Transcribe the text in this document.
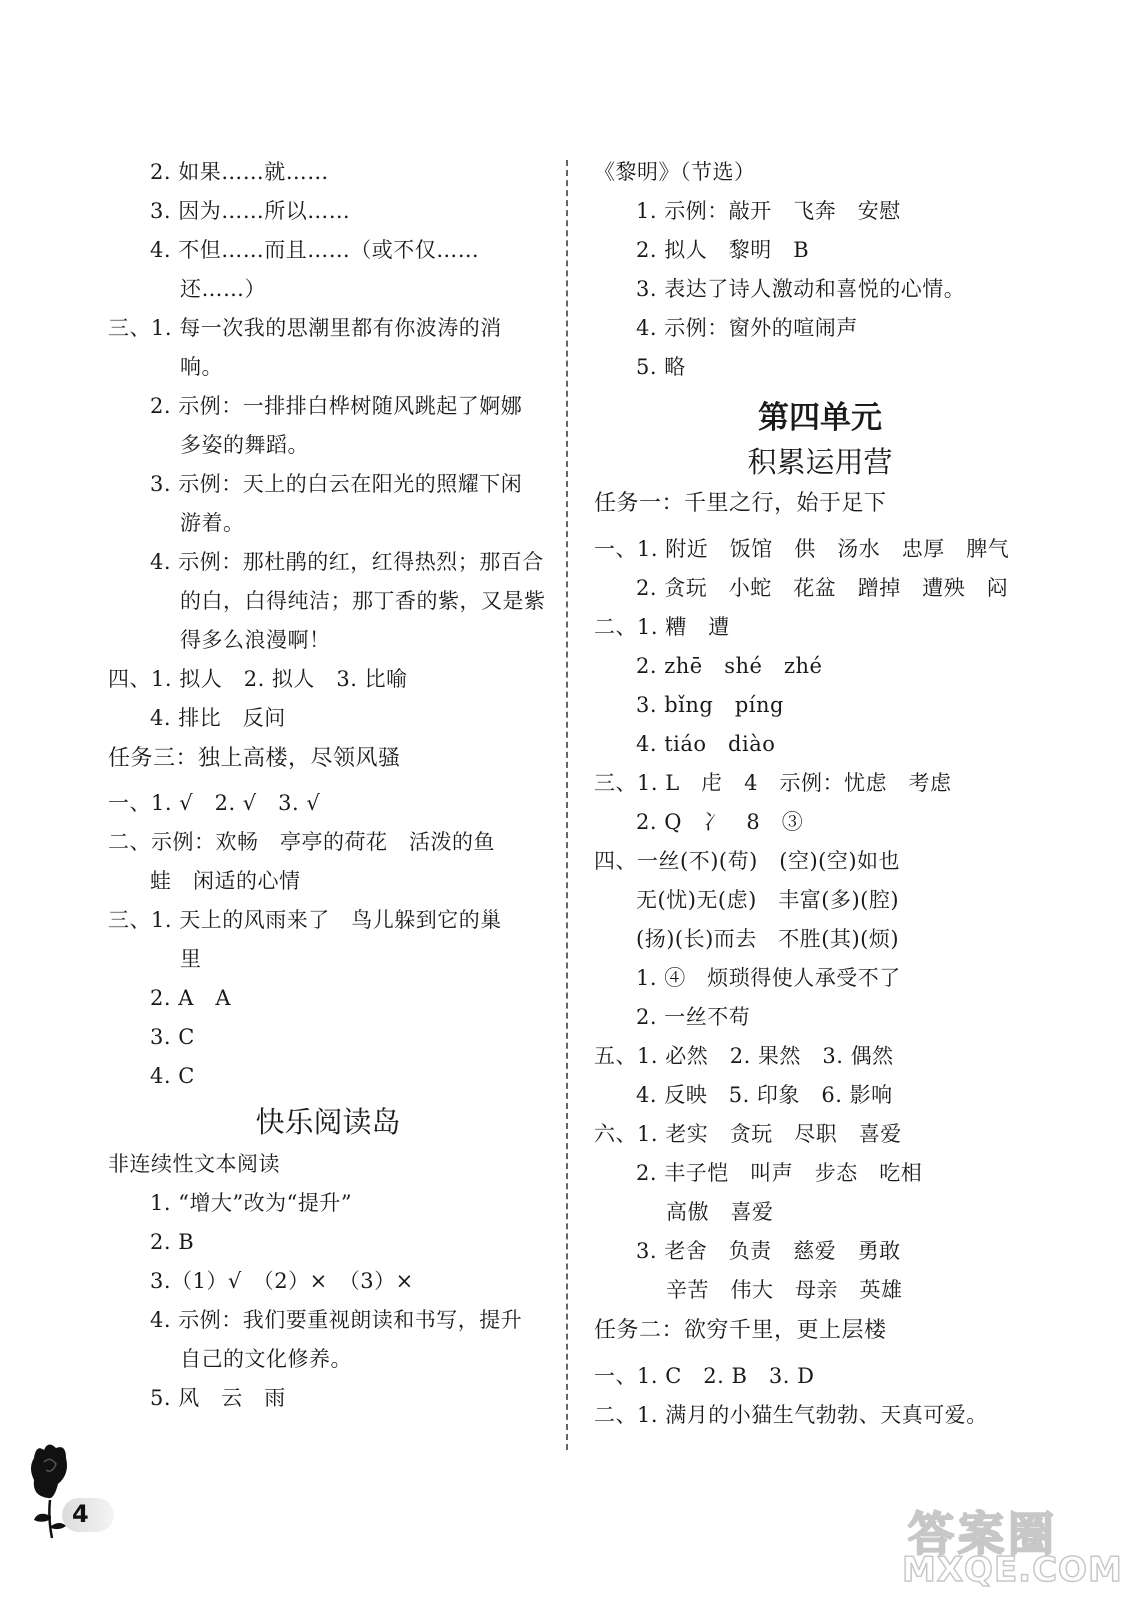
2. 如果……就……
3. 因为……所以……
4. 不但……而且……（或不仅……
还……）
三、1. 每一次我的思潮里都有你波涛的消
响。
2. 示例：一排排白桦树随风跳起了婀娜
多姿的舞蹈。
3. 示例：天上的白云在阳光的照耀下闲
游着。
4. 示例：那杜鹃的红，红得热烈；那百合
的白，白得纯洁；那丁香的紫，又是紫
得多么浪漫啊！
四、1. 拟人　2. 拟人　3. 比喻
4. 排比　反问
任务三：独上高楼，尽领风骚
一、1. √　2. √　3. √
二、示例：欢畅　亭亭的荷花　活泼的鱼
蛙　闲适的心情
三、1. 天上的风雨来了　鸟儿躲到它的巢
里
2. A　A
3. C
4. C
快乐阅读岛
非连续性文本阅读
1. “增大”改为“提升”
2. B
3.（1）√　（2）×　（3）×
4. 示例：我们要重视朗读和书写，提升
自己的文化修养。
5. 风　云　雨
《黎明》（节选）
1. 示例：敲开　飞奔　安慰
2. 拟人　黎明　B
3. 表达了诗人激动和喜悦的心情。
4. 示例：窗外的喧闹声
5. 略
第四单元
积累运用营
任务一：千里之行，始于足下
一、1. 附近　饭馆　供　汤水　忠厚　脾气
2. 贪玩　小蛇　花盆　蹭掉　遭殃　闷
二、1. 糟　遭
2. zhē　shé　zhé
3. bǐng　píng
4. tiáo　diào
三、1. L　虍　4　示例：忧虑　考虑
2. Q　冫　8　③
四、一丝(不)(苟)　(空)(空)如也
无(忧)无(虑)　丰富(多)(腔)
(扬)(长)而去　不胜(其)(烦)
1. ④　烦琐得使人承受不了
2. 一丝不苟
五、1. 必然　2. 果然　3. 偶然
4. 反映　5. 印象　6. 影响
六、1. 老实　贪玩　尽职　喜爱
2. 丰子恺　叫声　步态　吃相
高傲　喜爱
3. 老舍　负责　慈爱　勇敢
辛苦　伟大　母亲　英雄
任务二：欲穷千里，更上层楼
一、1. C　2. B　3. D
二、1. 满月的小猫生气勃勃、天真可爱。
4	答案圈
MXQE.COM
